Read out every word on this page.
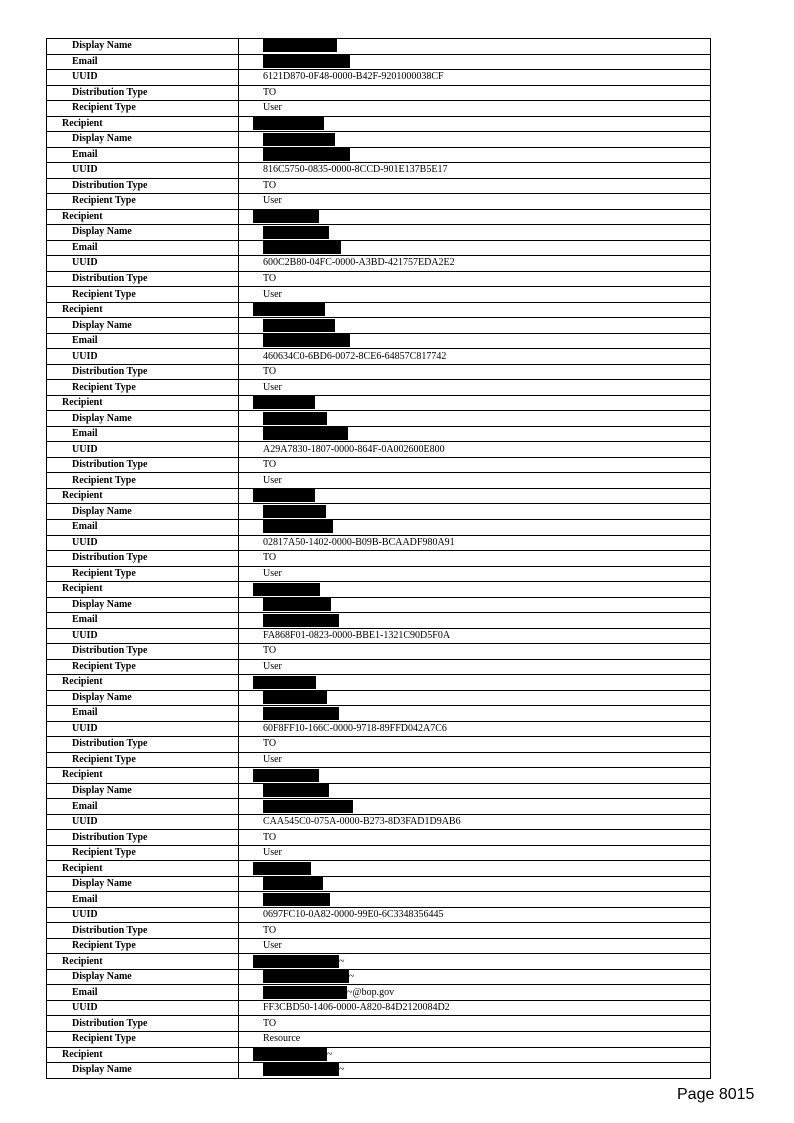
Display Name	
Email	
UUID	6121D870-0F48-0000-B42F-9201000038CF
Distribution Type	TO
Recipient Type	User
Recipient	
Display Name	
Email	
UUID	816C5750-0835-0000-8CCD-901E137B5E17
Distribution Type	TO
Recipient Type	User
Recipient	
Display Name	
Email	
UUID	600C2B80-04FC-0000-A3BD-421757EDA2E2
Distribution Type	TO
Recipient Type	User
Recipient	
Display Name	
Email	
UUID	460634C0-6BD6-0072-8CE6-64857C817742
Distribution Type	TO
Recipient Type	User
Recipient	
Display Name	
Email	
UUID	A29A7830-1807-0000-864F-0A002600E800
Distribution Type	TO
Recipient Type	User
Recipient	
Display Name	
Email	
UUID	02817A50-1402-0000-B09B-BCAADF980A91
Distribution Type	TO
Recipient Type	User
Recipient	
Display Name	
Email	
UUID	FA868F01-0823-0000-BBE1-1321C90D5F0A
Distribution Type	TO
Recipient Type	User
Recipient	
Display Name	
Email	
UUID	60F8FF10-166C-0000-9718-89FFD042A7C6
Distribution Type	TO
Recipient Type	User
Recipient	
Display Name	
Email	
UUID	CAA545C0-075A-0000-B273-8D3FAD1D9AB6
Distribution Type	TO
Recipient Type	User
Recipient	
Display Name	
Email	
UUID	0697FC10-0A82-0000-99E0-6C3348356445
Distribution Type	TO
Recipient Type	User
Recipient	~
Display Name	~
Email	~@bop.gov
UUID	FF3CBD50-1406-0000-A820-84D2120084D2
Distribution Type	TO
Recipient Type	Resource
Recipient	~
Display Name	~
Page 8015
